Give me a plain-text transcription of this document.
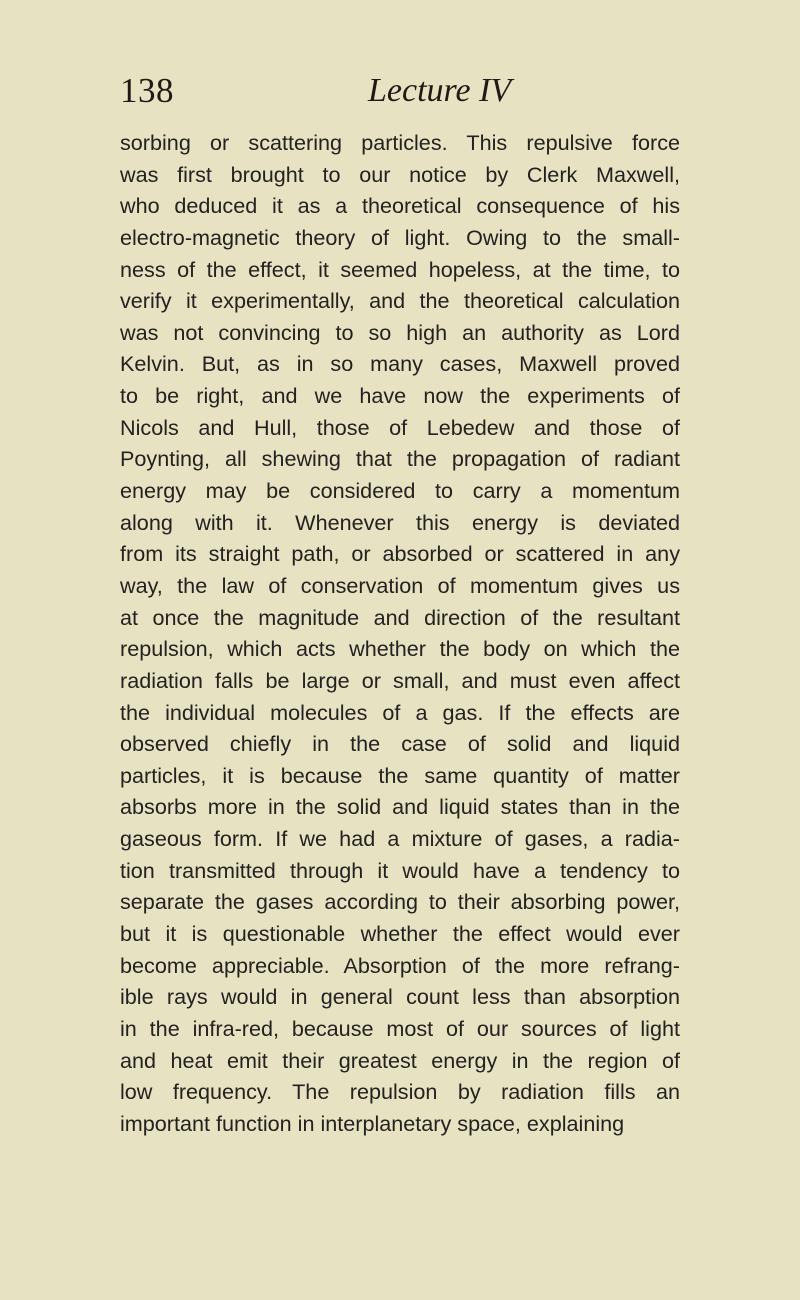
138	Lecture IV
sorbing or scattering particles. This repulsive force
was first brought to our notice by Clerk Maxwell,
who deduced it as a theoretical consequence of his
electro-magnetic theory of light. Owing to the small-
ness of the effect, it seemed hopeless, at the time, to
verify it experimentally, and the theoretical calculation
was not convincing to so high an authority as Lord
Kelvin. But, as in so many cases, Maxwell proved
to be right, and we have now the experiments of
Nicols and Hull, those of Lebedew and those of
Poynting, all shewing that the propagation of radiant
energy may be considered to carry a momentum
along with it. Whenever this energy is deviated
from its straight path, or absorbed or scattered in any
way, the law of conservation of momentum gives us
at once the magnitude and direction of the resultant
repulsion, which acts whether the body on which the
radiation falls be large or small, and must even affect
the individual molecules of a gas. If the effects are
observed chiefly in the case of solid and liquid
particles, it is because the same quantity of matter
absorbs more in the solid and liquid states than in the
gaseous form. If we had a mixture of gases, a radia-
tion transmitted through it would have a tendency to
separate the gases according to their absorbing power,
but it is questionable whether the effect would ever
become appreciable. Absorption of the more refrang-
ible rays would in general count less than absorption
in the infra-red, because most of our sources of light
and heat emit their greatest energy in the region of
low frequency. The repulsion by radiation fills an
important function in interplanetary space, explaining
